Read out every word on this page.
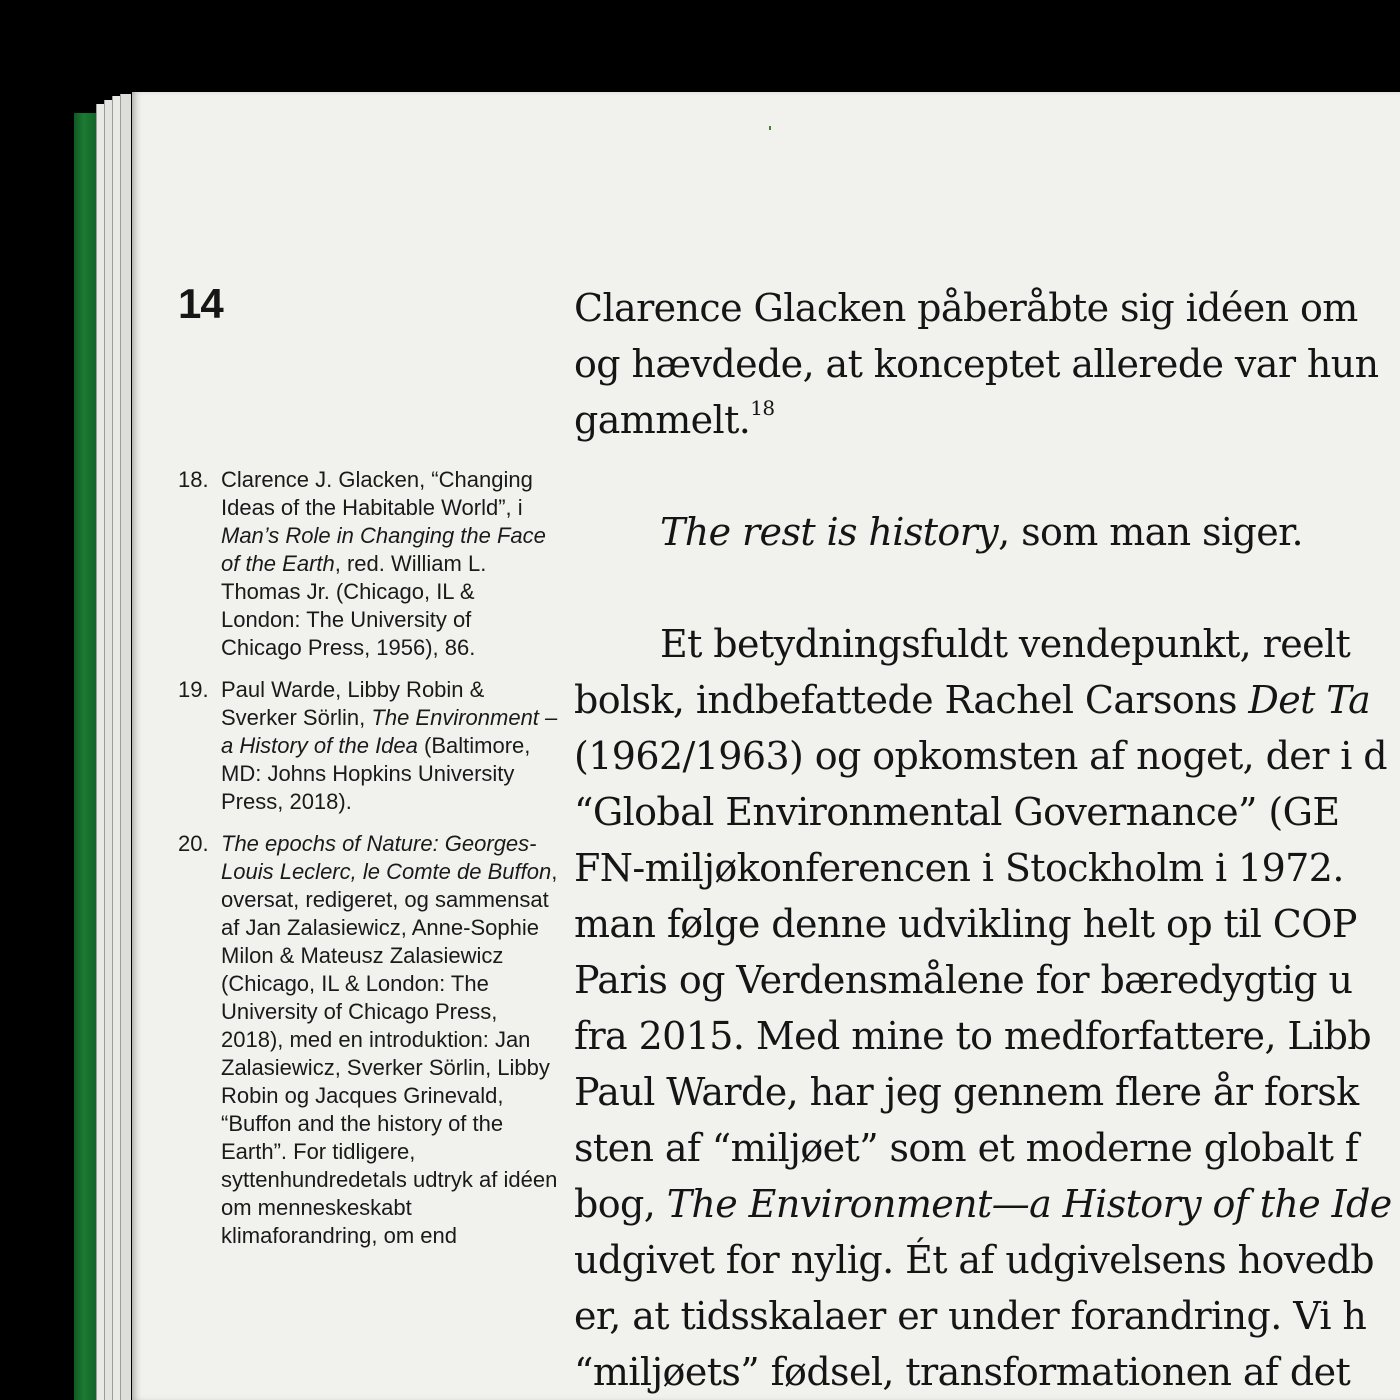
14
18. Clarence J. Glacken, “Changing Ideas of the Habitable World”, i Man’s Role in Changing the Face of the Earth, red. William L. Thomas Jr. (Chicago, IL & London: The University of Chicago Press, 1956), 86.

19. Paul Warde, Libby Robin & Sverker Sörlin, The Environment – a History of the Idea (Baltimore, MD: Johns Hopkins University Press, 2018).

20. The epochs of Nature: Georges-Louis Leclerc, le Comte de Buffon, oversat, redigeret, og sammensat af Jan Zalasiewicz, Anne-Sophie Milon & Mateusz Zalasiewicz (Chicago, IL & London: The University of Chicago Press, 2018), med en introduktion: Jan Zalasiewicz, Sverker Sörlin, Libby Robin og Jacques Grinevald, “Buffon and the history of the Earth”. For tidligere, syttenhundredetals udtryk af idéen om menneskeskabt klimaforandring, om end

Clarence Glacken påberåbte sig idéen om
og hævdede, at konceptet allerede var hun
gammelt.$^{18}$
The rest is history, som man siger.
Et betydningsfuldt vendepunkt, reelt
bolsk, indbefattede Rachel Carsons Det Ta
(1962/1963) og opkomsten af noget, der i d
“Global Environmental Governance” (GE
FN-miljøkonferencen i Stockholm i 1972.
man følge denne udvikling helt op til COP
Paris og Verdensmålene for bæredygtig u
fra 2015. Med mine to medforfattere, Libb
Paul Warde, har jeg gennem flere år forsk
sten af “miljøet” som et moderne globalt f
bog, The Environment—a History of the Ide
udgivet for nylig. Ét af udgivelsens hovedb
er, at tidsskalaer er under forandring. Vi h
“miljøets” fødsel, transformationen af det
